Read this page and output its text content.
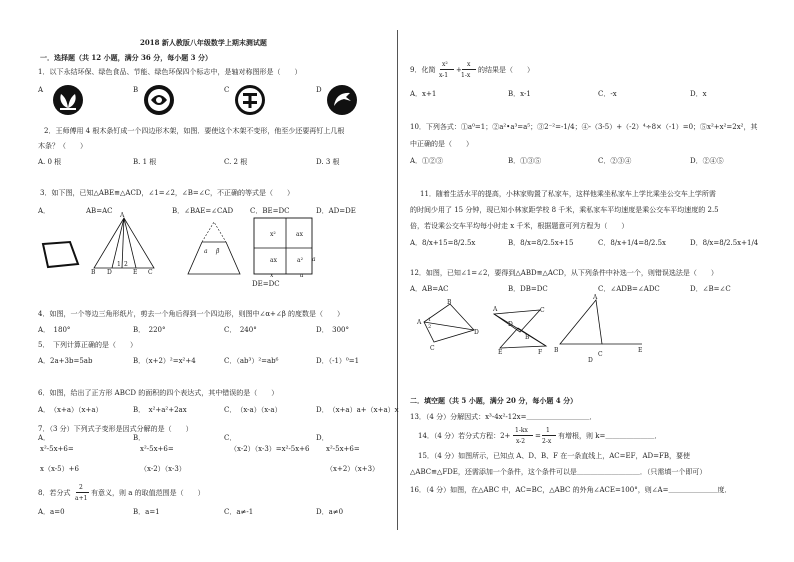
2018 新人教版八年级数学上期末测试题
一．选择题（共 12 小题，满分 36 分，每小题 3 分）
1．以下永结环保、绿色食品、节能、绿色环保四个标志中，是轴对称图形是（　　）
A	B	C	D
2．王师傅用 4 根木条钉成一个四边形木架，如图．要使这个木架不变形，他至少还要再钉上几根
木条？（　　）
A. 0 根	B. 1 根	C. 2 根	D. 3 根
3．如下图，已知△ABE≌△ACD，∠1=∠2，∠B=∠C，不正确的等式是（　　）
A．	AB=AC	B．∠BAE=∠CAD C．BE=DC	D．AD=DE
A
B D	E C
1 2
a β
x²	ax
ax	a² a
x	a
DE=DC
4．如图，一个等边三角形纸片，剪去一个角后得到一个四边形，则图中∠α+∠β 的度数是（　　）
A．　180°	B．　220°	C．　240°	D．　300°
5．　下列计算正确的是（　　）
A．2a+3b=5ab	B．（x+2）²=x²+4	C．（ab³）²=ab⁶	D．（-1）⁰=1
6．如图，给出了正方形 ABCD 的面积的四个表达式，其中错误的是（　　）
A．　（x+a）（x+a）	B．　x²+a²+2ax	C．　（x-a）（x-a）	D．　（x+a）a+（x+a）x
7．（3 分）下列式子变形是因式分解的是（　　）
A．
x²-5x+6=
x（x-5）+6
B．
x²-5x+6=
（x-2）（x-3）
C．
（x-2）（x-3）=x²-5x+6
D．
x²-5x+6=
（x+2）（x+3）
8．若分式
2
a+1
有意义，则 a 的取值范围是（　　）
A．a=0	B．a=1	C．a≠-1	D．a≠0
9．化简
x²
x-1
+
x
1-x
的结果是（　　）
A．x+1	B．x-1	C．-x	D．x
10．下列各式：①a⁰=1；②a²•a³=a⁵；③2⁻²=-1/4；④-（3-5）+（-2）⁴÷8×（-1）=0；⑤x²+x²=2x²，其
中正确的是（　　）
A．①②③	B．①③⑤	C．②③④	D．②④⑤
11．随着生活水平的提高，小林家购置了私家车，这样他乘坐私家车上学比乘坐公交车上学所需
的时间少用了 15 分钟，现已知小林家距学校 8 千米，乘私家车平均速度是乘公交车平均速度的 2.5
倍，若设乘公交车平均每小时走 x 千米，根据题意可列方程为（　　）
A．8/x+15=8/2.5x	B．8/x=8/2.5x+15	C．8/x+1/4=8/2.5x	D．8/x=8/2.5x+1/4
12．如图，已知∠1=∠2，要得到△ABD≌△ACD，从下列条件中补选一个，则错误选法是（　　）
A．AB=AC	B．DB=DC	C．∠ADB=∠ADC	D．∠B=∠C
A
B
C
D
1
2
A
D
B
E	F
C
A
B
C
D
E
二．填空题（共 5 小题，满分 20 分，每小题 4 分）
13．（4 分）分解因式：x³-4x²-12x=＿＿＿＿＿＿＿＿＿．
14．（4 分）若分式方程：2+
1-kx
x-2
=
1
2-x
有增根，则 k=＿＿＿＿＿＿＿．
15．（4 分）如图所示，已知点 A、D、B、F 在一条直线上，AC=EF，AD=FB，要使
△ABC≌△FDE，还需添加一个条件，这个条件可以是＿＿＿＿＿＿＿＿＿．（只需填一个即可）
16．（4 分）如图，在△ABC 中，AC=BC，△ABC 的外角∠ACE=100°，则∠A=＿＿＿＿＿＿＿度．
